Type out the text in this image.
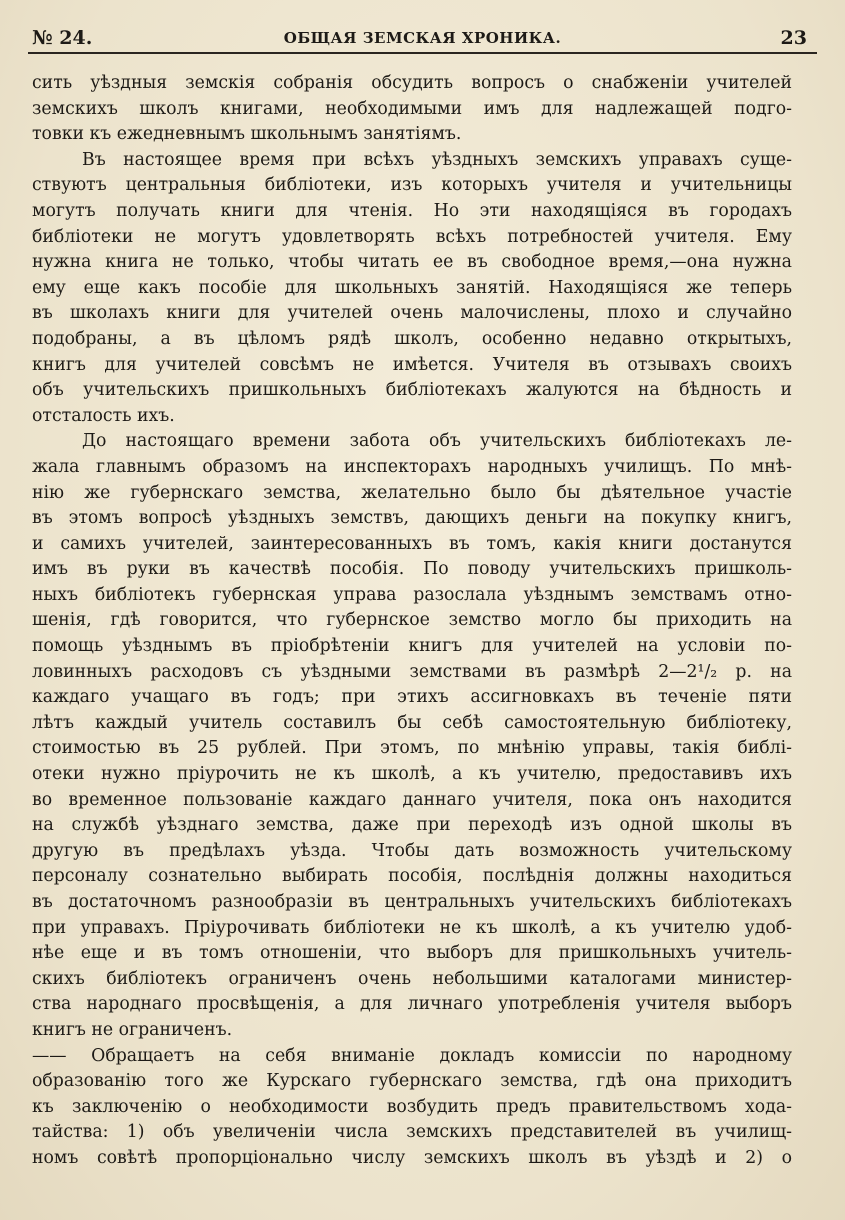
№ 24.	ОБЩАЯ ЗЕМСКАЯ ХРОНИКА.	23
сить уѣздныя земскія собранія обсудить вопросъ о снабженіи учителей
земскихъ школъ книгами, необходимыми имъ для надлежащей подго-
товки къ ежедневнымъ школьнымъ занятіямъ.
Въ настоящее время при всѣхъ уѣздныхъ земскихъ управахъ суще-
ствуютъ центральныя библіотеки, изъ которыхъ учителя и учительницы
могутъ получать книги для чтенія. Но эти находящіяся въ городахъ
библіотеки не могутъ удовлетворять всѣхъ потребностей учителя. Ему
нужна книга не только, чтобы читать ее въ свободное время,—она нужна
ему еще какъ пособіе для школьныхъ занятій. Находящіяся же теперь
въ школахъ книги для учителей очень малочислены, плохо и случайно
подобраны, а въ цѣломъ рядѣ школъ, особенно недавно открытыхъ,
книгъ для учителей совсѣмъ не имѣется. Учителя въ отзывахъ своихъ
объ учительскихъ пришкольныхъ библіотекахъ жалуются на бѣдность и
отсталость ихъ.
До настоящаго времени забота объ учительскихъ библіотекахъ ле-
жала главнымъ образомъ на инспекторахъ народныхъ училищъ. По мнѣ-
нію же губернскаго земства, желательно было бы дѣятельное участіе
въ этомъ вопросѣ уѣздныхъ земствъ, дающихъ деньги на покупку книгъ,
и самихъ учителей, заинтересованныхъ въ томъ, какія книги достанутся
имъ въ руки въ качествѣ пособія. По поводу учительскихъ пришколь-
ныхъ библіотекъ губернская управа разослала уѣзднымъ земствамъ отно-
шенія, гдѣ говорится, что губернское земство могло бы приходить на
помощь уѣзднымъ въ пріобрѣтеніи книгъ для учителей на условіи по-
ловинныхъ расходовъ съ уѣздными земствами въ размѣрѣ 2—2¹/₂ р. на
каждаго учащаго въ годъ; при этихъ ассигновкахъ въ теченіе пяти
лѣтъ каждый учитель составилъ бы себѣ самостоятельную библіотеку,
стоимостью въ 25 рублей. При этомъ, по мнѣнію управы, такія библі-
отеки нужно пріурочить не къ школѣ, а къ учителю, предоставивъ ихъ
во временное пользованіе каждаго даннаго учителя, пока онъ находится
на службѣ уѣзднаго земства, даже при переходѣ изъ одной школы въ
другую въ предѣлахъ уѣзда. Чтобы дать возможность учительскому
персоналу сознательно выбирать пособія, послѣднія должны находиться
въ достаточномъ разнообразіи въ центральныхъ учительскихъ библіотекахъ
при управахъ. Пріурочивать библіотеки не къ школѣ, а къ учителю удоб-
нѣе еще и въ томъ отношеніи, что выборъ для пришкольныхъ учитель-
скихъ библіотекъ ограниченъ очень небольшими каталогами министер-
ства народнаго просвѣщенія, а для личнаго употребленія учителя выборъ
книгъ не ограниченъ.
—— Обращаетъ на себя вниманіе докладъ комиссіи по народному
образованію того же Курскаго губернскаго земства, гдѣ она приходитъ
къ заключенію о необходимости возбудить предъ правительствомъ хода-
тайства: 1) объ увеличеніи числа земскихъ представителей въ училищ-
номъ совѣтѣ пропорціонально числу земскихъ школъ въ уѣздѣ и 2) о
